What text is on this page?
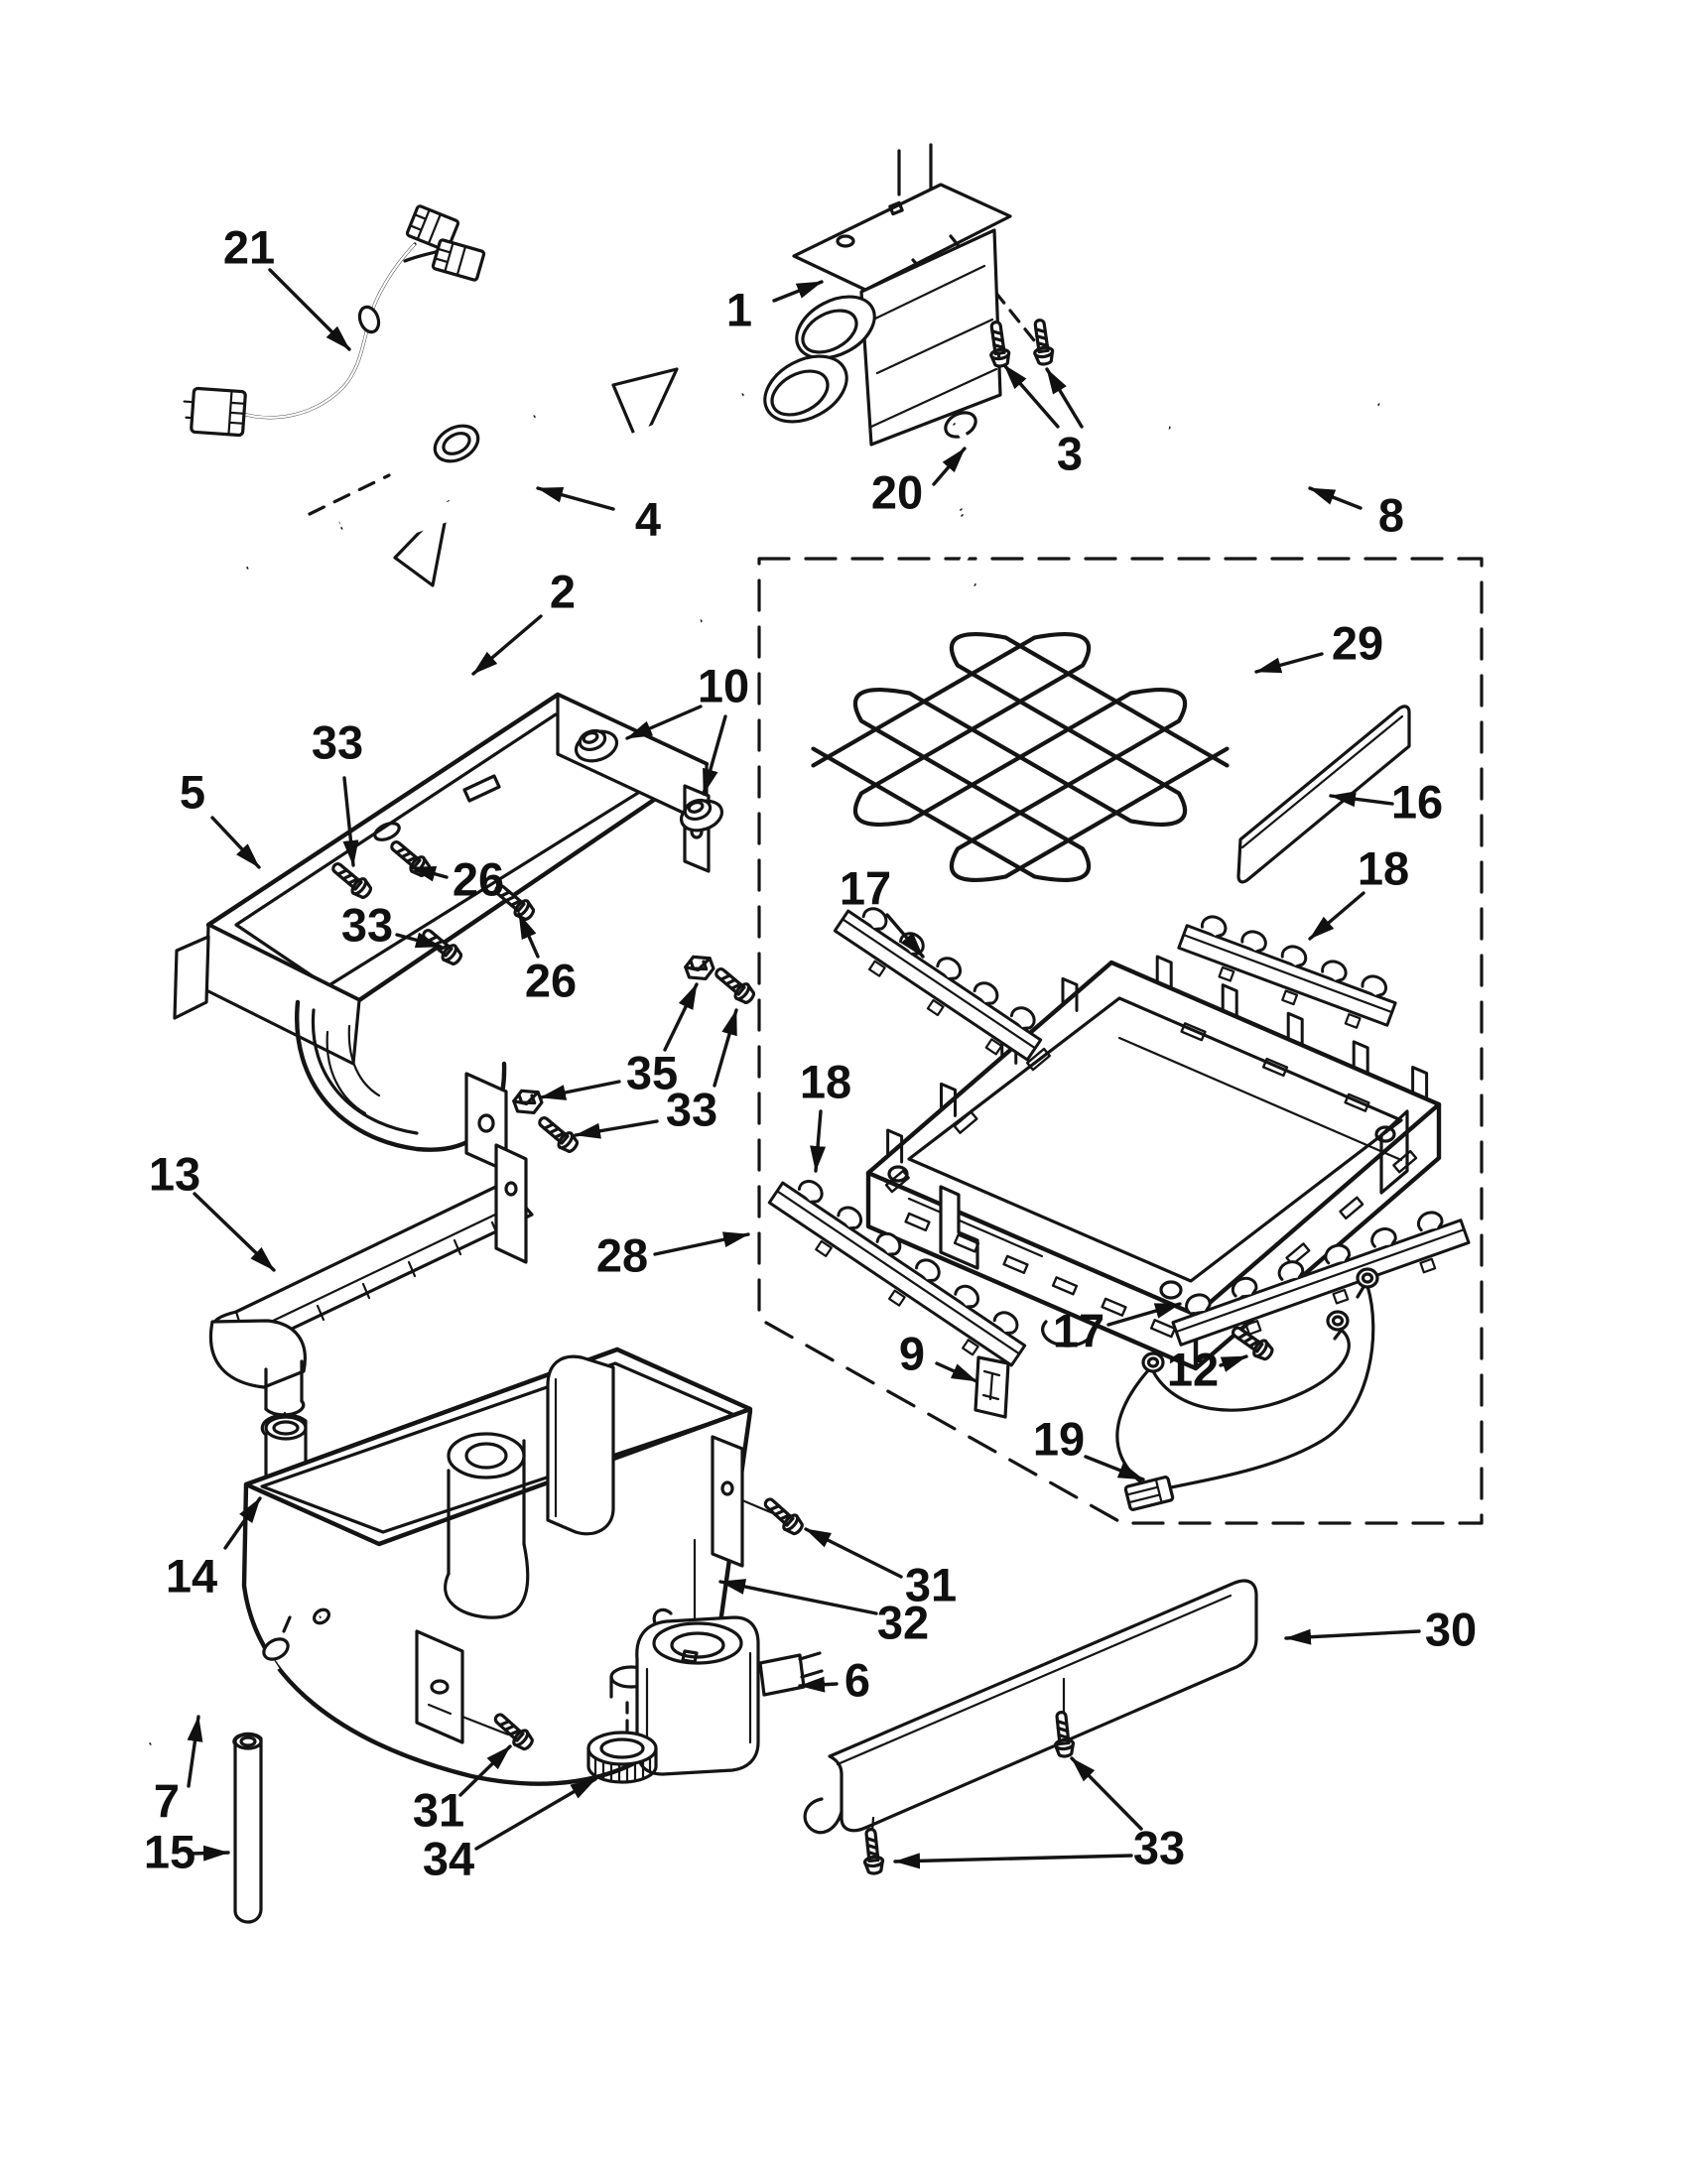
21
1
3
20	8
4
2
29
16
10
33
5
26
33
26
35
33
13
28
17
18
18
17
12
19
9
31
32
6
30
31
34	33
7
15
14
